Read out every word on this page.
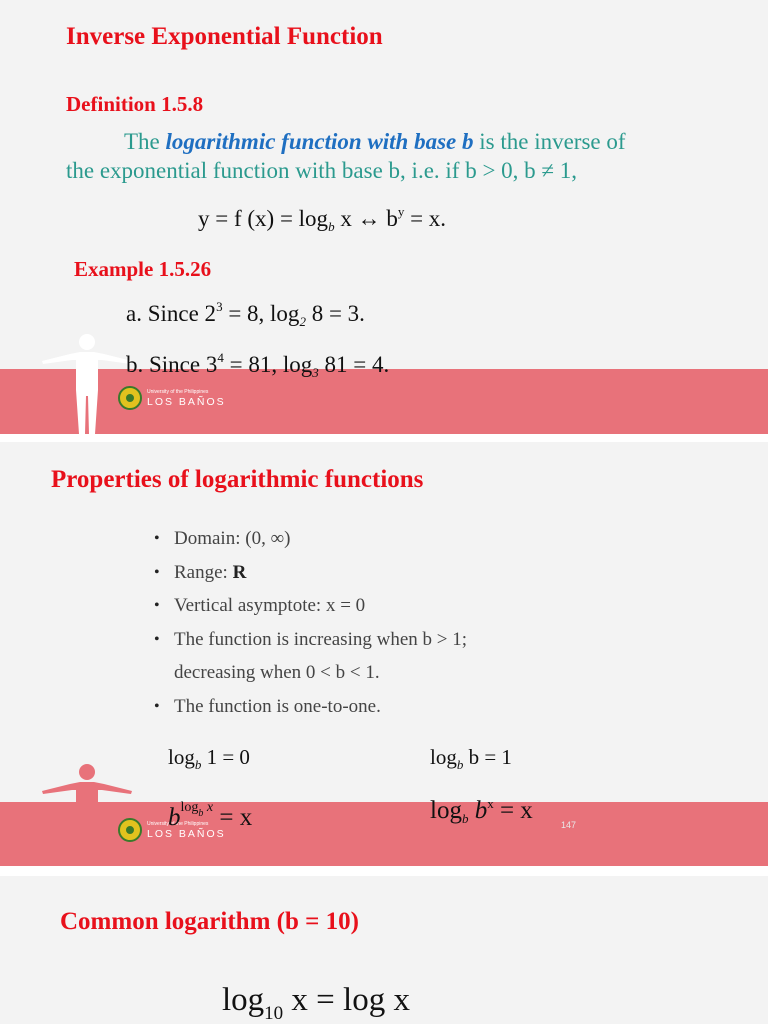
University of the Philippines
LOS BAÑOS
Inverse Exponential Function
Definition 1.5.8
The logarithmic function with base b is the inverse of
the exponential function with base b, i.e. if b > 0, b ≠ 1,
y = f $(x) = \log_b x$ ↔ $b^y = x$.
Example 1.5.26
a. Since $2^3 = 8$, $\log_2 8 = 3$.
b. Since $3^4 = 81$, $\log_3 81 = 4$.
University of the Philippines
LOS BAÑOS
Properties of logarithmic functions
• Domain: (0, ∞)
• Range: R
• Vertical asymptote: x = 0
• The function is increasing when b > 1;
decreasing when 0 < b < 1.
• The function is one-to-one.
$\log_b 1 = 0$	$\log_b b = 1$
$b^{log_b x} = x$	$\log_b b^x = x$
147
Common logarithm (b = 10)
$\log_{10} x = \log x$
